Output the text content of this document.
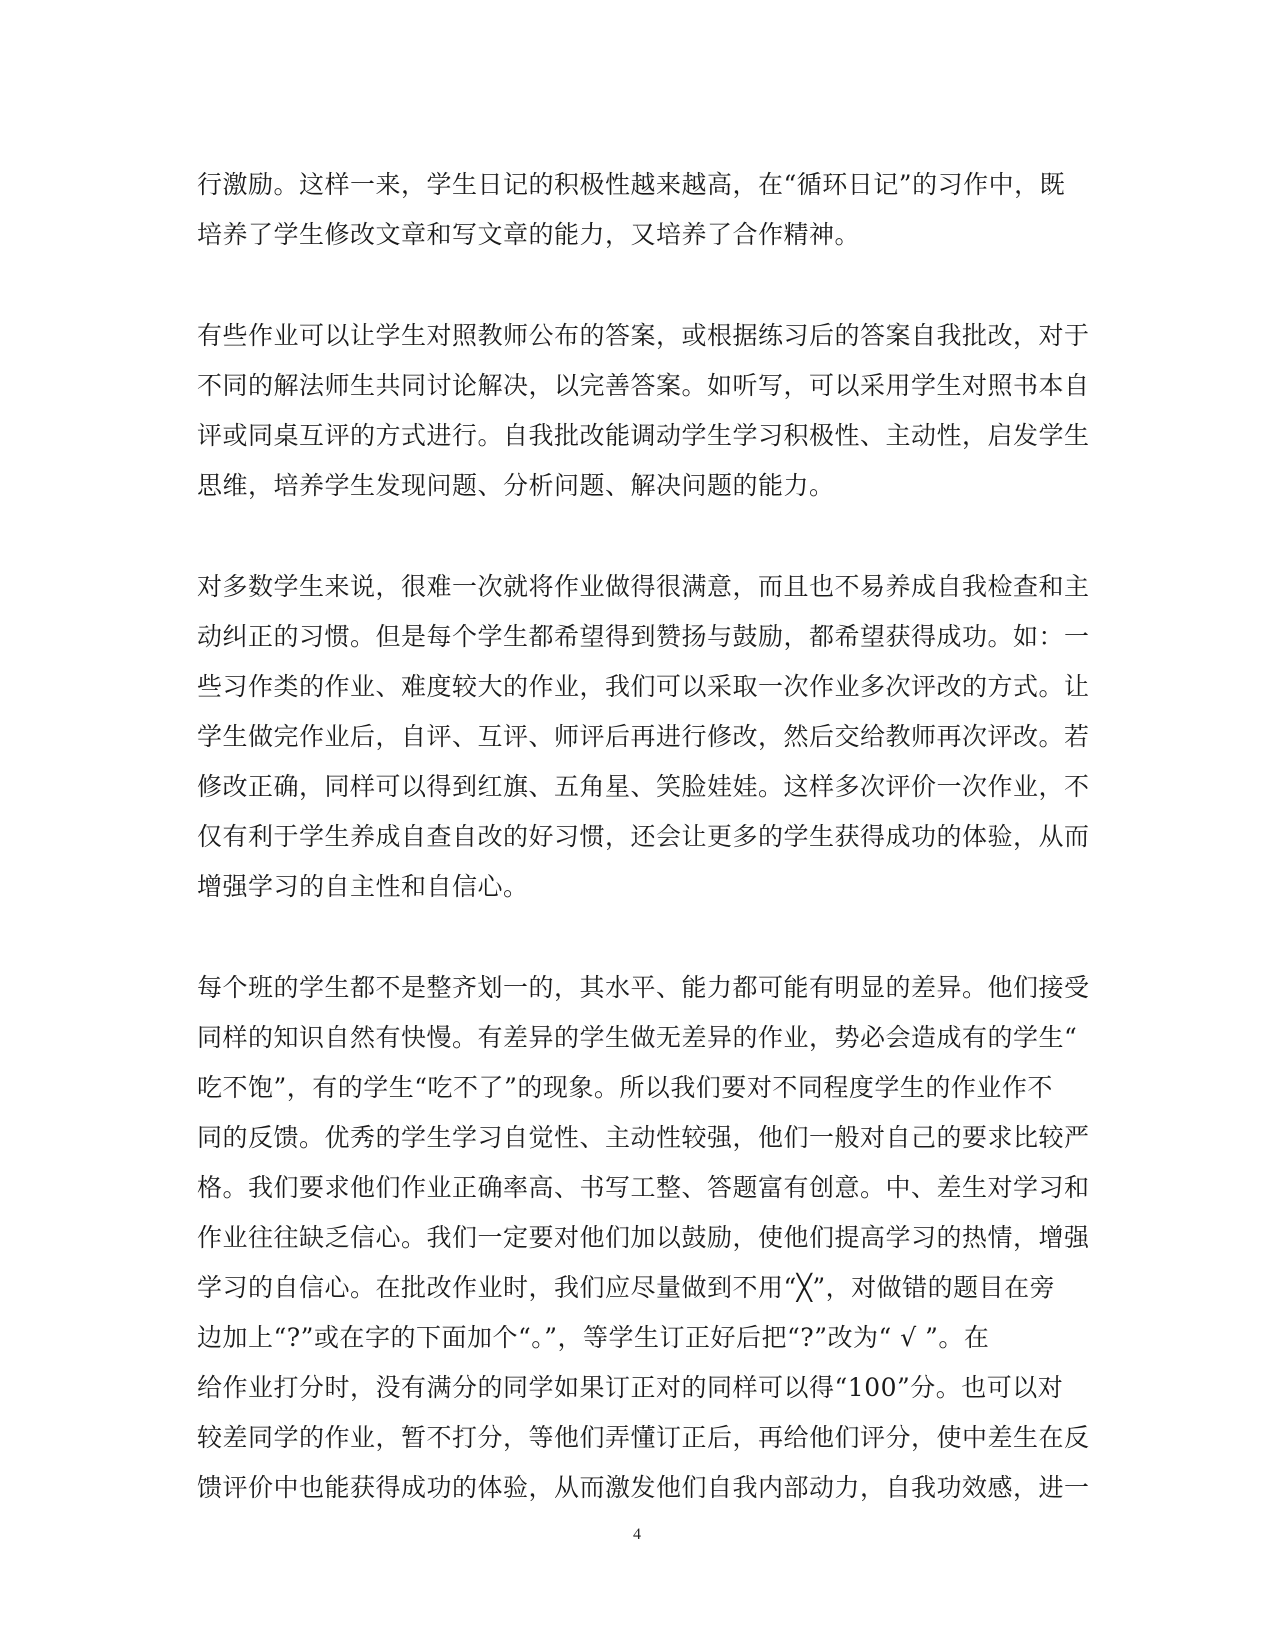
行激励。这样一来，学生日记的积极性越来越高，在“循环日记”的习作中，既
培养了学生修改文章和写文章的能力，又培养了合作精神。
有些作业可以让学生对照教师公布的答案，或根据练习后的答案自我批改，对于
不同的解法师生共同讨论解决，以完善答案。如听写，可以采用学生对照书本自
评或同桌互评的方式进行。自我批改能调动学生学习积极性、主动性，启发学生
思维，培养学生发现问题、分析问题、解决问题的能力。
对多数学生来说，很难一次就将作业做得很满意，而且也不易养成自我检查和主
动纠正的习惯。但是每个学生都希望得到赞扬与鼓励，都希望获得成功。如：一
些习作类的作业、难度较大的作业，我们可以采取一次作业多次评改的方式。让
学生做完作业后，自评、互评、师评后再进行修改，然后交给教师再次评改。若
修改正确，同样可以得到红旗、五角星、笑脸娃娃。这样多次评价一次作业，不
仅有利于学生养成自查自改的好习惯，还会让更多的学生获得成功的体验，从而
增强学习的自主性和自信心。
每个班的学生都不是整齐划一的，其水平、能力都可能有明显的差异。他们接受
同样的知识自然有快慢。有差异的学生做无差异的作业，势必会造成有的学生“
吃不饱”，有的学生“吃不了”的现象。所以我们要对不同程度学生的作业作不
同的反馈。优秀的学生学习自觉性、主动性较强，他们一般对自己的要求比较严
格。我们要求他们作业正确率高、书写工整、答题富有创意。中、差生对学习和
作业往往缺乏信心。我们一定要对他们加以鼓励，使他们提高学习的热情，增强
学习的自信心。在批改作业时，我们应尽量做到不用“╳”，对做错的题目在旁
边加上“?”或在字的下面加个“。”，等学生订正好后把“?”改为“ √ ”。在
给作业打分时，没有满分的同学如果订正对的同样可以得“100”分。也可以对
较差同学的作业，暂不打分，等他们弄懂订正后，再给他们评分，使中差生在反
馈评价中也能获得成功的体验，从而激发他们自我内部动力，自我功效感，进一
4
